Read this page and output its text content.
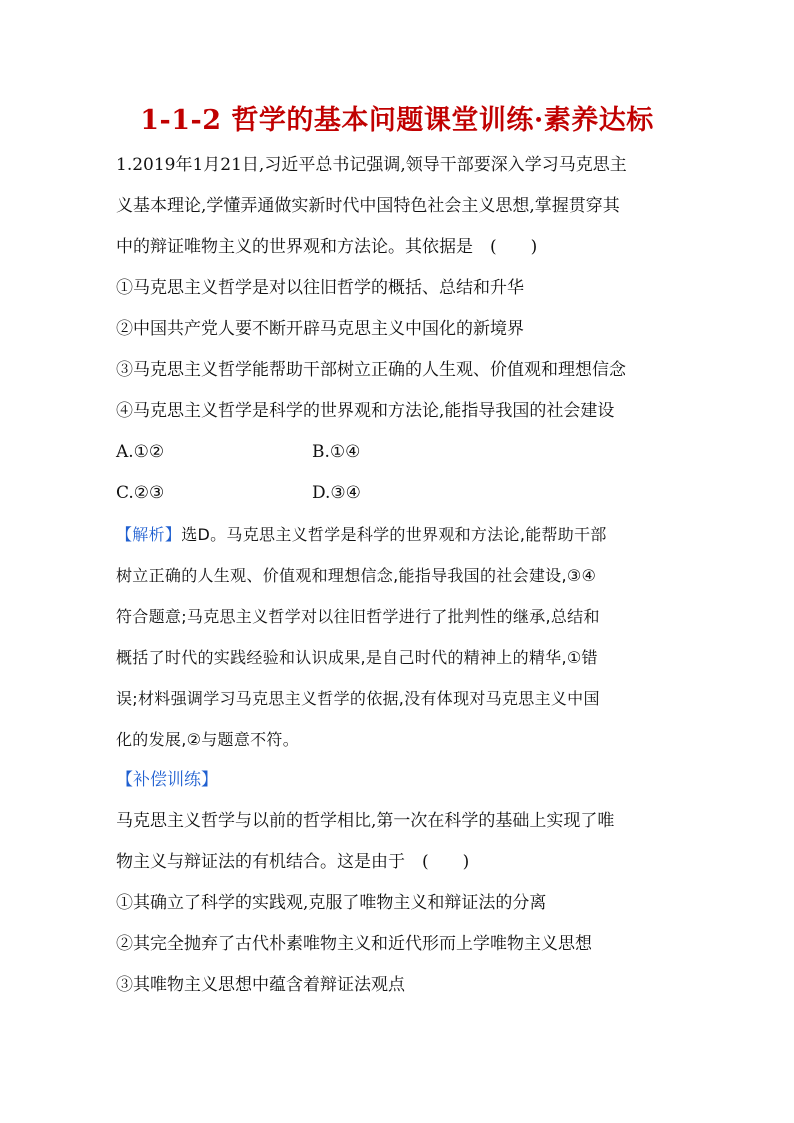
1-1-2 哲学的基本问题课堂训练·素养达标
1.2019年1月21日,习近平总书记强调,领导干部要深入学习马克思主
义基本理论,学懂弄通做实新时代中国特色社会主义思想,掌握贯穿其
中的辩证唯物主义的世界观和方法论。其依据是　(　　)
①马克思主义哲学是对以往旧哲学的概括、总结和升华
②中国共产党人要不断开辟马克思主义中国化的新境界
③马克思主义哲学能帮助干部树立正确的人生观、价值观和理想信念
④马克思主义哲学是科学的世界观和方法论,能指导我国的社会建设
A.①②	B.①④
C.②③	D.③④
【解析】选D。马克思主义哲学是科学的世界观和方法论,能帮助干部
树立正确的人生观、价值观和理想信念,能指导我国的社会建设,③④
符合题意;马克思主义哲学对以往旧哲学进行了批判性的继承,总结和
概括了时代的实践经验和认识成果,是自己时代的精神上的精华,①错
误;材料强调学习马克思主义哲学的依据,没有体现对马克思主义中国
化的发展,②与题意不符。
【补偿训练】
马克思主义哲学与以前的哲学相比,第一次在科学的基础上实现了唯
物主义与辩证法的有机结合。这是由于　(　　)
①其确立了科学的实践观,克服了唯物主义和辩证法的分离
②其完全抛弃了古代朴素唯物主义和近代形而上学唯物主义思想
③其唯物主义思想中蕴含着辩证法观点
